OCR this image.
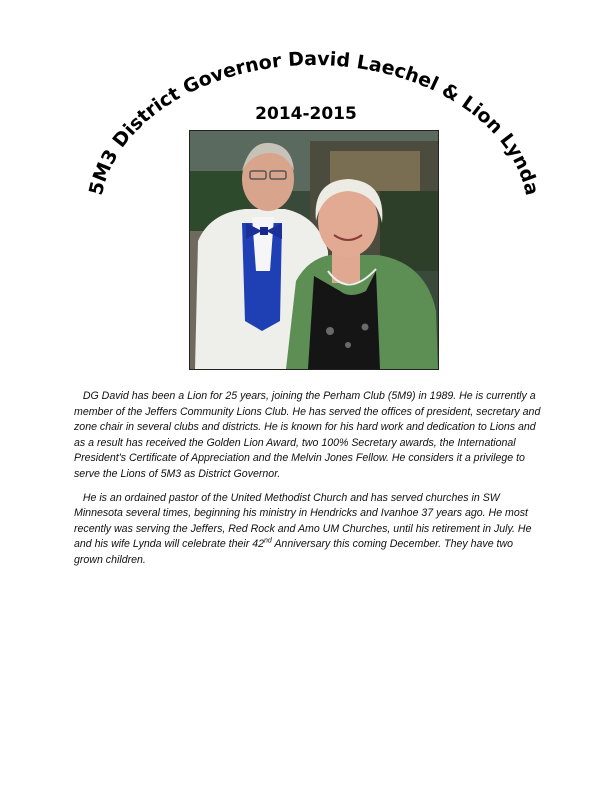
5M3 District Governor David Laechel & Lion Lynda
2014-2015

DG David has been a Lion for 25 years, joining the Perham Club (5M9) in 1989. He is currently a member of the Jeffers Community Lions Club. He has served the offices of president, secretary and zone chair in several clubs and districts. He is known for his hard work and dedication to Lions and as a result has received the Golden Lion Award, two 100% Secretary awards, the International President's Certificate of Appreciation and the Melvin Jones Fellow. He considers it a privilege to serve the Lions of 5M3 as District Governor.

He is an ordained pastor of the United Methodist Church and has served churches in SW Minnesota several times, beginning his ministry in Hendricks and Ivanhoe 37 years ago. He most recently was serving the Jeffers, Red Rock and Amo UM Churches, until his retirement in July. He and his wife Lynda will celebrate their 42nd Anniversary this coming December. They have two grown children.
